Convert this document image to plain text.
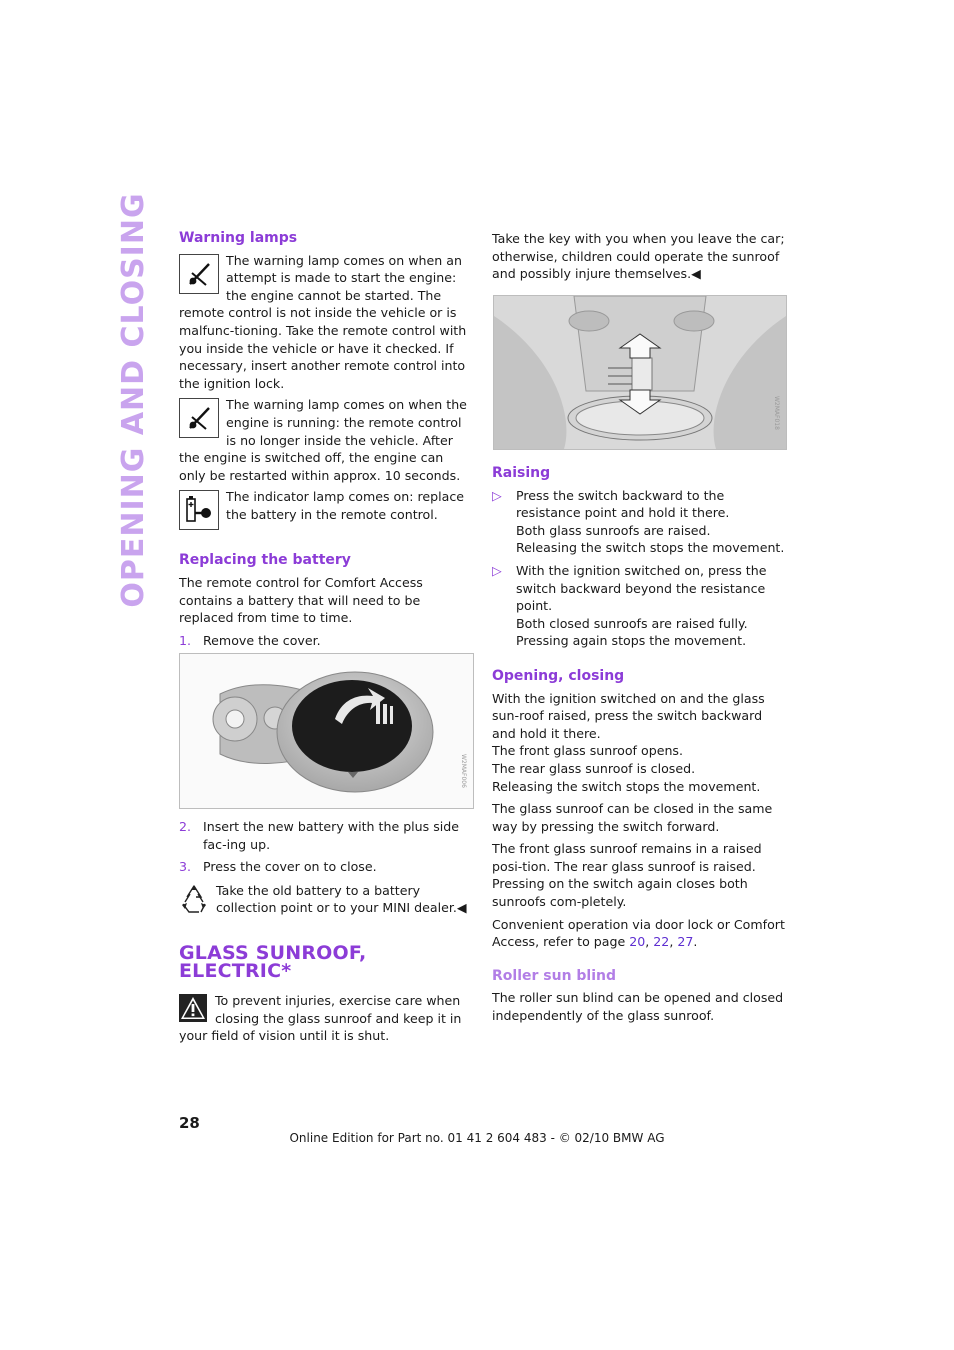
OPENING AND CLOSING Warning lamps

The warning lamp comes on when an attempt is made to start the engine: the engine cannot be started. The remote control is not inside the vehicle or is malfunc-tioning. Take the remote control with you inside the vehicle or have it checked. If necessary, insert another remote control into the ignition lock.

The warning lamp comes on when the engine is running: the remote control is no longer inside the vehicle. After the engine is switched off, the engine can only be restarted within approx. 10 seconds.

The indicator lamp comes on: replace the battery in the remote control.

Replacing the battery

The remote control for Comfort Access contains a battery that will need to be replaced from time to time.

1. Remove the cover.

W2MAF006
2. Insert the new battery with the plus side fac-ing up.

3. Press the cover on to close.

Take the old battery to a battery collection point or to your MINI dealer.◀

GLASS SUNROOF, ELECTRIC*

To prevent injuries, exercise care when closing the glass sunroof and keep it in your field of vision until it is shut.

Take the key with you when you leave the car; otherwise, children could operate the sunroof and possibly injure themselves.◀

W2MAF018
Raising
▷ Press the switch backward to the resistance point and hold it there.

Both glass sunroofs are raised.

Releasing the switch stops the movement.

▷ With the ignition switched on, press the switch backward beyond the resistance point.

Both closed sunroofs are raised fully.

Pressing again stops the movement.

Opening, closing

With the ignition switched on and the glass sun-roof raised, press the switch backward and hold it there.

The front glass sunroof opens.

The rear glass sunroof is closed.

Releasing the switch stops the movement.

The glass sunroof can be closed in the same way by pressing the switch forward.

The front glass sunroof remains in a raised posi-tion. The rear glass sunroof is raised. Pressing on the switch again closes both sunroofs com-pletely.

Convenient operation via door lock or Comfort Access, refer to page 20, 22, 27.

Roller sun blind

The roller sun blind can be opened and closed independently of the glass sunroof.

28
Online Edition for Part no. 01 41 2 604 483 - © 02/10 BMW AG
